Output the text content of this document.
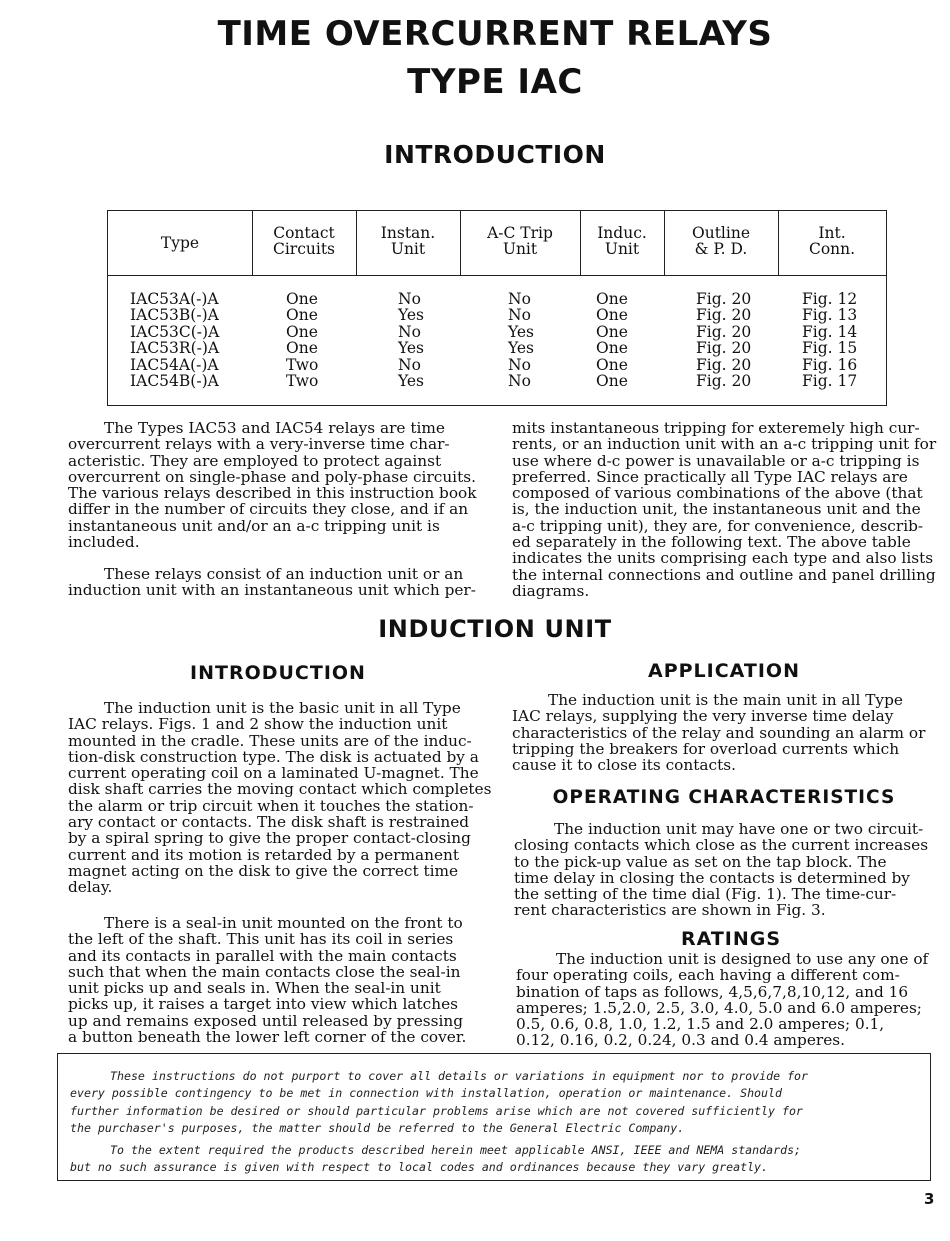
TIME OVERCURRENT RELAYS
TYPE IAC
INTRODUCTION
Type
Contact
Circuits
Instan.
Unit
A-C Trip
Unit
Induc.
Unit
Outline
& P. D.
Int.
Conn.
IAC53A(-)A
IAC53B(-)A
IAC53C(-)A
IAC53R(-)A
IAC54A(-)A
IAC54B(-)A
One
One
One
One
Two
Two
No
Yes
No
Yes
No
Yes
No
No
Yes
Yes
No
No
One
One
One
One
One
One
Fig. 20
Fig. 20
Fig. 20
Fig. 20
Fig. 20
Fig. 20
Fig. 12
Fig. 13
Fig. 14
Fig. 15
Fig. 16
Fig. 17
The Types IAC53 and IAC54 relays are time
overcurrent relays with a very-inverse time char-
acteristic. They are employed to protect against
overcurrent on single-phase and poly-phase circuits.
The various relays described in this instruction book
differ in the number of circuits they close, and if an
instantaneous unit and/or an a-c tripping unit is
included.
These relays consist of an induction unit or an
induction unit with an instantaneous unit which per-
mits instantaneous tripping for exteremely high cur-
rents, or an induction unit with an a-c tripping unit for
use where d-c power is unavailable or a-c tripping is
preferred. Since practically all Type IAC relays are
composed of various combinations of the above (that
is, the induction unit, the instantaneous unit and the
a-c tripping unit), they are, for convenience, describ-
ed separately in the following text. The above table
indicates the units comprising each type and also lists
the internal connections and outline and panel drilling
diagrams.
INDUCTION UNIT
INTRODUCTION	APPLICATION
The induction unit is the basic unit in all Type
IAC relays. Figs. 1 and 2 show the induction unit
mounted in the cradle. These units are of the induc-
tion-disk construction type. The disk is actuated by a
current operating coil on a laminated U-magnet. The
disk shaft carries the moving contact which completes
the alarm or trip circuit when it touches the station-
ary contact or contacts. The disk shaft is restrained
by a spiral spring to give the proper contact-closing
current and its motion is retarded by a permanent
magnet acting on the disk to give the correct time
delay.
There is a seal-in unit mounted on the front to
the left of the shaft. This unit has its coil in series
and its contacts in parallel with the main contacts
such that when the main contacts close the seal-in
unit picks up and seals in. When the seal-in unit
picks up, it raises a target into view which latches
up and remains exposed until released by pressing
a button beneath the lower left corner of the cover.
The induction unit is the main unit in all Type
IAC relays, supplying the very inverse time delay
characteristics of the relay and sounding an alarm or
tripping the breakers for overload currents which
cause it to close its contacts.
OPERATING CHARACTERISTICS
The induction unit may have one or two circuit-
closing contacts which close as the current increases
to the pick-up value as set on the tap block. The
time delay in closing the contacts is determined by
the setting of the time dial (Fig. 1). The time-cur-
rent characteristics are shown in Fig. 3.
RATINGS
The induction unit is designed to use any one of
four operating coils, each having a different com-
bination of taps as follows, 4,5,6,7,8,10,12, and 16
amperes; 1.5,2.0, 2.5, 3.0, 4.0, 5.0 and 6.0 amperes;
0.5, 0.6, 0.8, 1.0, 1.2, 1.5 and 2.0 amperes; 0.1,
0.12, 0.16, 0.2, 0.24, 0.3 and 0.4 amperes.
These instructions do not purport to cover all details or variations in equipment nor to provide for
every possible contingency to be met in connection with installation, operation or maintenance. Should
further information be desired or should particular problems arise which are not covered sufficiently for
the purchaser's purposes, the matter should be referred to the General Electric Company.
To the extent required the products described herein meet applicable ANSI, IEEE and NEMA standards;
but no such assurance is given with respect to local codes and ordinances because they vary greatly.
3
